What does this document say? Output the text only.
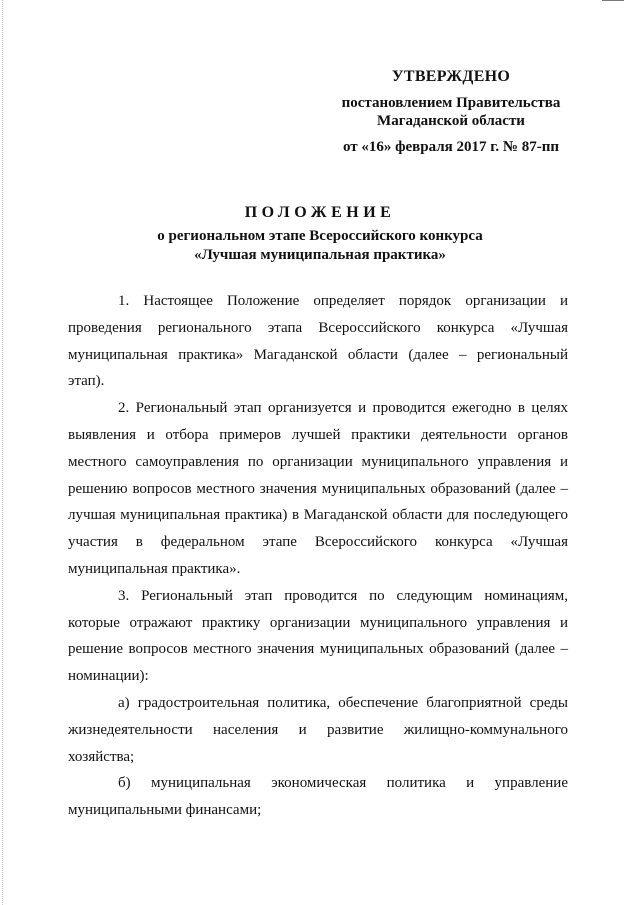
УТВЕРЖДЕНО
постановлением Правительства
Магаданской области
от «16» февраля 2017 г. № 87-пп
ПОЛОЖЕНИЕ
о региональном этапе Всероссийского конкурса
«Лучшая муниципальная практика»

1. Настоящее Положение определяет порядок организации и проведения регионального этапа Всероссийского конкурса «Лучшая муниципальная практика» Магаданской области (далее – региональный этап).

2. Региональный этап организуется и проводится ежегодно в целях выявления и отбора примеров лучшей практики деятельности органов местного самоуправления по организации муниципального управления и решению вопросов местного значения муниципальных образований (далее – лучшая муниципальная практика) в Магаданской области для последующего участия в федеральном этапе Всероссийского конкурса «Лучшая муниципальная практика».

3. Региональный этап проводится по следующим номинациям, которые отражают практику организации муниципального управления и решение вопросов местного значения муниципальных образований (далее – номинации):

а) градостроительная политика, обеспечение благоприятной среды жизнедеятельности населения и развитие жилищно-коммунального хозяйства;

б) муниципальная экономическая политика и управление муниципальными финансами;
